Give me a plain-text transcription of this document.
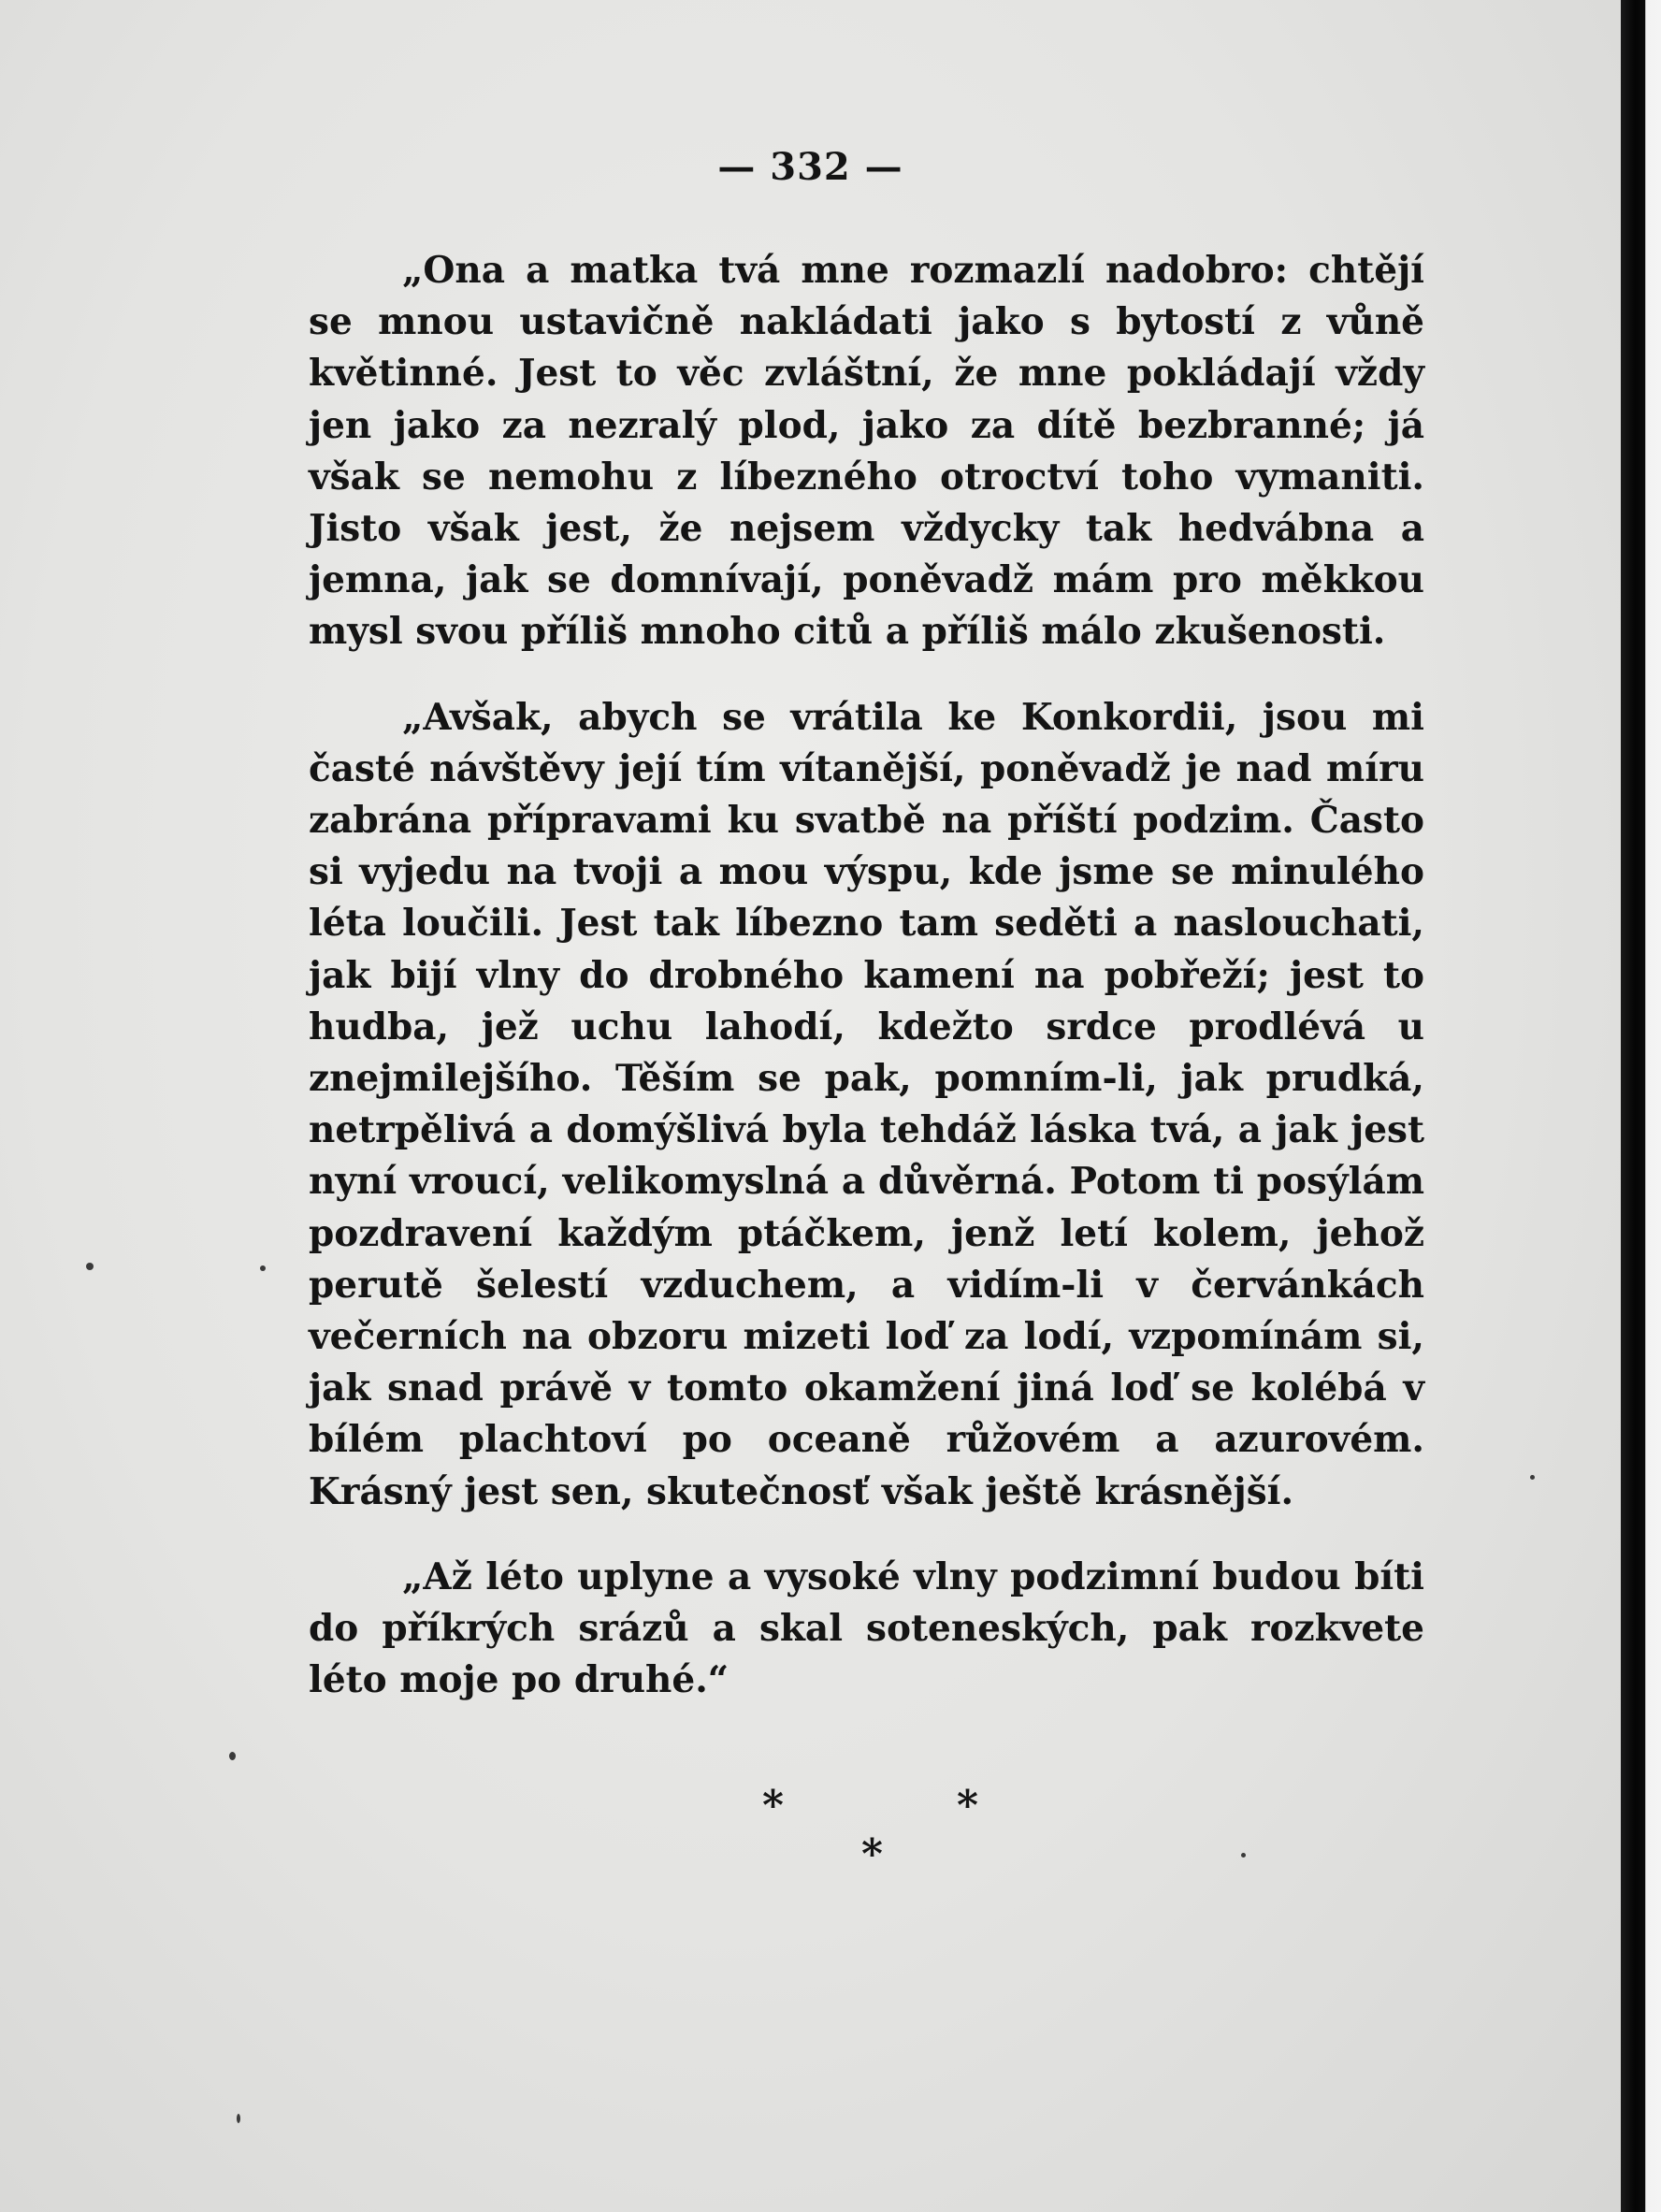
— 332 —

„Ona a matka tvá mne rozmazlí nadobro: chtějí se mnou ustavičně nakládati jako s bytostí z vůně květinné. Jest to věc zvláštní, že mne pokládají vždy jen jako za nezralý plod, jako za dítě bezbranné; já však se nemohu z líbezného otroctví toho vymaniti. Jisto však jest, že nejsem vždycky tak hedvábna a jemna, jak se domnívají, poněvadž mám pro měkkou mysl svou příliš mnoho citů a příliš málo zkušenosti.

„Avšak, abych se vrátila ke Konkordii, jsou mi časté návštěvy její tím vítanější, poněvadž je nad míru zabrána přípravami ku svatbě na příští podzim. Často si vyjedu na tvoji a mou výspu, kde jsme se minulého léta loučili. Jest tak líbezno tam seděti a naslouchati, jak bijí vlny do drobného kamení na pobřeží; jest to hudba, jež uchu lahodí, kdežto srdce prodlévá u znejmilejšího. Těším se pak, pomním-li, jak prudká, netrpělivá a domýšlivá byla tehdáž láska tvá, a jak jest nyní vroucí, velikomyslná a důvěrná. Potom ti posýlám pozdravení každým ptáčkem, jenž letí kolem, jehož perutě šelestí vzduchem, a vidím-li v červánkách večerních na obzoru mizeti loď za lodí, vzpomínám si, jak snad právě v tomto okamžení jiná loď se kolébá v bílém plachtoví po oceaně růžovém a azurovém. Krásný jest sen, skutečnosť však ještě krásnější.

„Až léto uplyne a vysoké vlny podzimní budou bíti do příkrých srázů a skal soteneských, pak rozkvete léto moje po druhé.“

*	*
*
